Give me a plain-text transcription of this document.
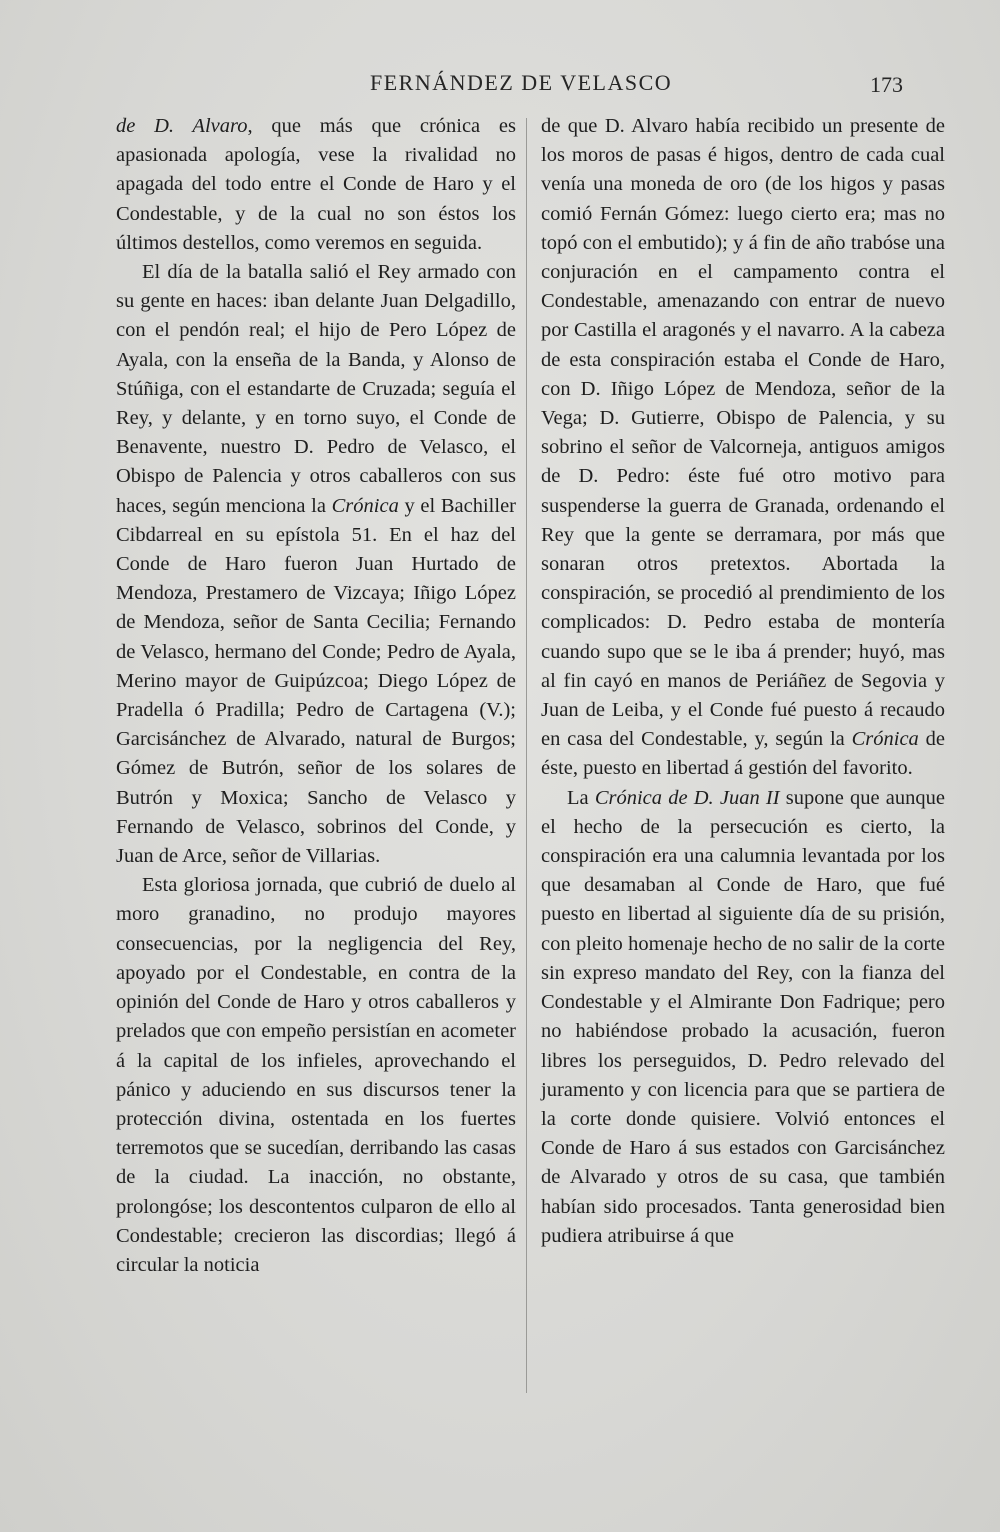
FERNÁNDEZ DE VELASCO	173

de D. Alvaro, que más que crónica es apasionada apología, vese la rivalidad no apagada del todo entre el Conde de Haro y el Condestable, y de la cual no son éstos los últimos destellos, como veremos en seguida.

El día de la batalla salió el Rey armado con su gente en haces: iban delante Juan Delgadillo, con el pendón real; el hijo de Pero López de Ayala, con la enseña de la Banda, y Alonso de Stúñiga, con el estandarte de Cruzada; seguía el Rey, y delante, y en torno suyo, el Conde de Benavente, nuestro D. Pedro de Velasco, el Obispo de Palencia y otros caballeros con sus haces, según menciona la Crónica y el Bachiller Cibdarreal en su epístola 51. En el haz del Conde de Haro fueron Juan Hurtado de Mendoza, Prestamero de Vizcaya; Iñigo López de Mendoza, señor de Santa Cecilia; Fernando de Velasco, hermano del Conde; Pedro de Ayala, Merino mayor de Guipúzcoa; Diego López de Pradella ó Pradilla; Pedro de Cartagena (V.); Garcisánchez de Alvarado, natural de Burgos; Gómez de Butrón, señor de los solares de Butrón y Moxica; Sancho de Velasco y Fernando de Velasco, sobrinos del Conde, y Juan de Arce, señor de Villarias.

Esta gloriosa jornada, que cubrió de duelo al moro granadino, no produjo mayores consecuencias, por la negligencia del Rey, apoyado por el Condestable, en contra de la opinión del Conde de Haro y otros caballeros y prelados que con empeño persistían en acometer á la capital de los infieles, aprovechando el pánico y aduciendo en sus discursos tener la protección divina, ostentada en los fuertes terremotos que se sucedían, derribando las casas de la ciudad. La inacción, no obstante, prolongóse; los descontentos culparon de ello al Condestable; crecieron las discordias; llegó á circular la noticia

de que D. Alvaro había recibido un presente de los moros de pasas é higos, dentro de cada cual venía una moneda de oro (de los higos y pasas comió Fernán Gómez: luego cierto era; mas no topó con el embutido); y á fin de año trabóse una conjuración en el campamento contra el Condestable, amenazando con entrar de nuevo por Castilla el aragonés y el navarro. A la cabeza de esta conspiración estaba el Conde de Haro, con D. Iñigo López de Mendoza, señor de la Vega; D. Gutierre, Obispo de Palencia, y su sobrino el señor de Valcorneja, antiguos amigos de D. Pedro: éste fué otro motivo para suspenderse la guerra de Granada, ordenando el Rey que la gente se derramara, por más que sonaran otros pretextos. Abortada la conspiración, se procedió al prendimiento de los complicados: D. Pedro estaba de montería cuando supo que se le iba á prender; huyó, mas al fin cayó en manos de Periáñez de Segovia y Juan de Leiba, y el Conde fué puesto á recaudo en casa del Condestable, y, según la Crónica de éste, puesto en libertad á gestión del favorito.

La Crónica de D. Juan II supone que aunque el hecho de la persecución es cierto, la conspiración era una calumnia levantada por los que desamaban al Conde de Haro, que fué puesto en libertad al siguiente día de su prisión, con pleito homenaje hecho de no salir de la corte sin expreso mandato del Rey, con la fianza del Condestable y el Almirante Don Fadrique; pero no habiéndose probado la acusación, fueron libres los perseguidos, D. Pedro relevado del juramento y con licencia para que se partiera de la corte donde quisiere. Volvió entonces el Conde de Haro á sus estados con Garcisánchez de Alvarado y otros de su casa, que también habían sido procesados. Tanta generosidad bien pudiera atribuirse á que
